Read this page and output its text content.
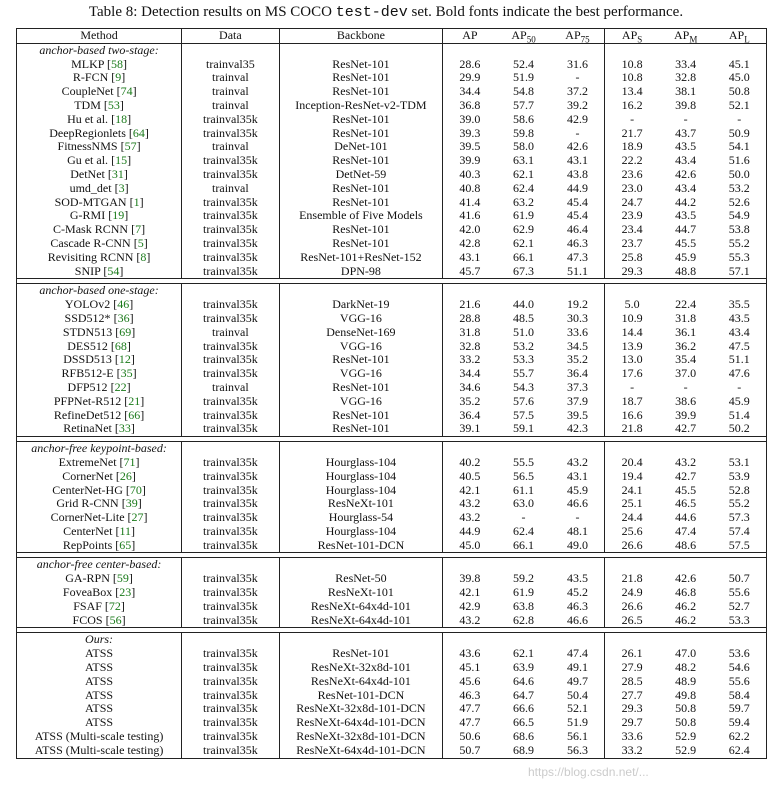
Table 8: Detection results on MS COCO test-dev set. Bold fonts indicate the best performance.
Method	Data	Backbone	AP	$AP_{50}$	$AP_{75}$	$AP_S$	$AP_M$	$AP_L$
anchor-based two-stage:								
MLKP [58]	trainval35	ResNet-101	28.6	52.4	31.6	10.8	33.4	45.1
R-FCN [9]	trainval	ResNet-101	29.9	51.9	-	10.8	32.8	45.0
CoupleNet [74]	trainval	ResNet-101	34.4	54.8	37.2	13.4	38.1	50.8
TDM [53]	trainval	Inception-ResNet-v2-TDM	36.8	57.7	39.2	16.2	39.8	52.1
Hu et al. [18]	trainval35k	ResNet-101	39.0	58.6	42.9	-	-	-
DeepRegionlets [64]	trainval35k	ResNet-101	39.3	59.8	-	21.7	43.7	50.9
FitnessNMS [57]	trainval	DeNet-101	39.5	58.0	42.6	18.9	43.5	54.1
Gu et al. [15]	trainval35k	ResNet-101	39.9	63.1	43.1	22.2	43.4	51.6
DetNet [31]	trainval35k	DetNet-59	40.3	62.1	43.8	23.6	42.6	50.0
umd_det [3]	trainval	ResNet-101	40.8	62.4	44.9	23.0	43.4	53.2
SOD-MTGAN [1]	trainval35k	ResNet-101	41.4	63.2	45.4	24.7	44.2	52.6
G-RMI [19]	trainval35k	Ensemble of Five Models	41.6	61.9	45.4	23.9	43.5	54.9
C-Mask RCNN [7]	trainval35k	ResNet-101	42.0	62.9	46.4	23.4	44.7	53.8
Cascade R-CNN [5]	trainval35k	ResNet-101	42.8	62.1	46.3	23.7	45.5	55.2
Revisiting RCNN [8]	trainval35k	ResNet-101+ResNet-152	43.1	66.1	47.3	25.8	45.9	55.3
SNIP [54]	trainval35k	DPN-98	45.7	67.3	51.1	29.3	48.8	57.1

anchor-based one-stage:								
YOLOv2 [46]	trainval35k	DarkNet-19	21.6	44.0	19.2	5.0	22.4	35.5
SSD512* [36]	trainval35k	VGG-16	28.8	48.5	30.3	10.9	31.8	43.5
STDN513 [69]	trainval	DenseNet-169	31.8	51.0	33.6	14.4	36.1	43.4
DES512 [68]	trainval35k	VGG-16	32.8	53.2	34.5	13.9	36.2	47.5
DSSD513 [12]	trainval35k	ResNet-101	33.2	53.3	35.2	13.0	35.4	51.1
RFB512-E [35]	trainval35k	VGG-16	34.4	55.7	36.4	17.6	37.0	47.6
DFP512 [22]	trainval	ResNet-101	34.6	54.3	37.3	-	-	-
PFPNet-R512 [21]	trainval35k	VGG-16	35.2	57.6	37.9	18.7	38.6	45.9
RefineDet512 [66]	trainval35k	ResNet-101	36.4	57.5	39.5	16.6	39.9	51.4
RetinaNet [33]	trainval35k	ResNet-101	39.1	59.1	42.3	21.8	42.7	50.2

anchor-free keypoint-based:								
ExtremeNet [71]	trainval35k	Hourglass-104	40.2	55.5	43.2	20.4	43.2	53.1
CornerNet [26]	trainval35k	Hourglass-104	40.5	56.5	43.1	19.4	42.7	53.9
CenterNet-HG [70]	trainval35k	Hourglass-104	42.1	61.1	45.9	24.1	45.5	52.8
Grid R-CNN [39]	trainval35k	ResNeXt-101	43.2	63.0	46.6	25.1	46.5	55.2
CornerNet-Lite [27]	trainval35k	Hourglass-54	43.2	-	-	24.4	44.6	57.3
CenterNet [11]	trainval35k	Hourglass-104	44.9	62.4	48.1	25.6	47.4	57.4
RepPoints [65]	trainval35k	ResNet-101-DCN	45.0	66.1	49.0	26.6	48.6	57.5

anchor-free center-based:								
GA-RPN [59]	trainval35k	ResNet-50	39.8	59.2	43.5	21.8	42.6	50.7
FoveaBox [23]	trainval35k	ResNeXt-101	42.1	61.9	45.2	24.9	46.8	55.6
FSAF [72]	trainval35k	ResNeXt-64x4d-101	42.9	63.8	46.3	26.6	46.2	52.7
FCOS [56]	trainval35k	ResNeXt-64x4d-101	43.2	62.8	46.6	26.5	46.2	53.3

Ours:								
ATSS	trainval35k	ResNet-101	43.6	62.1	47.4	26.1	47.0	53.6
ATSS	trainval35k	ResNeXt-32x8d-101	45.1	63.9	49.1	27.9	48.2	54.6
ATSS	trainval35k	ResNeXt-64x4d-101	45.6	64.6	49.7	28.5	48.9	55.6
ATSS	trainval35k	ResNet-101-DCN	46.3	64.7	50.4	27.7	49.8	58.4
ATSS	trainval35k	ResNeXt-32x8d-101-DCN	47.7	66.6	52.1	29.3	50.8	59.7
ATSS	trainval35k	ResNeXt-64x4d-101-DCN	47.7	66.5	51.9	29.7	50.8	59.4
ATSS (Multi-scale testing)	trainval35k	ResNeXt-32x8d-101-DCN	50.6	68.6	56.1	33.6	52.9	62.2
ATSS (Multi-scale testing)	trainval35k	ResNeXt-64x4d-101-DCN	50.7	68.9	56.3	33.2	52.9	62.4
https://blog.csdn.net/...
